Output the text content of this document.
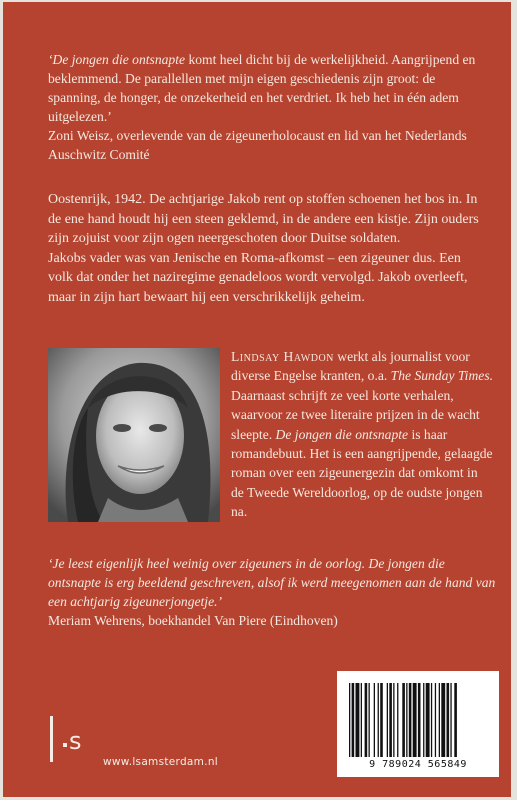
‘De jongen die ontsnapte komt heel dicht bij de werkelijkheid. Aangrijpend en beklemmend. De parallellen met mijn eigen geschiedenis zijn groot: de spanning, de honger, de onzekerheid en het verdriet. Ik heb het in één adem uitgelezen.’
Zoni Weisz, overlevende van de zigeunerholocaust en lid van het Nederlands Auschwitz Comité

Oostenrijk, 1942. De achtjarige Jakob rent op stoffen schoenen het bos in. In de ene hand houdt hij een steen geklemd, in de andere een kistje. Zijn ouders zijn zojuist voor zijn ogen neergeschoten door Duitse soldaten.

Jakobs vader was van Jenische en Roma-afkomst – een zigeuner dus. Een volk dat onder het naziregime genadeloos wordt vervolgd. Jakob overleeft, maar in zijn hart bewaart hij een verschrikkelijk geheim.

Lindsay Hawdon werkt als journalist voor diverse Engelse kranten, o.a. The Sunday Times. Daarnaast schrijft ze veel korte verhalen, waarvoor ze twee literaire prijzen in de wacht sleepte. De jongen die ontsnapte is haar romandebuut. Het is een aangrijpende, gelaagde roman over een zigeunergezin dat omkomt in de Tweede Wereldoorlog, op de oudste jongen na.
‘Je leest eigenlijk heel weinig over zigeuners in de oorlog. De jongen die ontsnapte is erg beeldend geschreven, alsof ik werd meegenomen aan de hand van een achtjarig zigeunerjongetje.’
Meriam Wehrens, boekhandel Van Piere (Eindhoven)
s
www.lsamsterdam.nl	9 789024 565849
